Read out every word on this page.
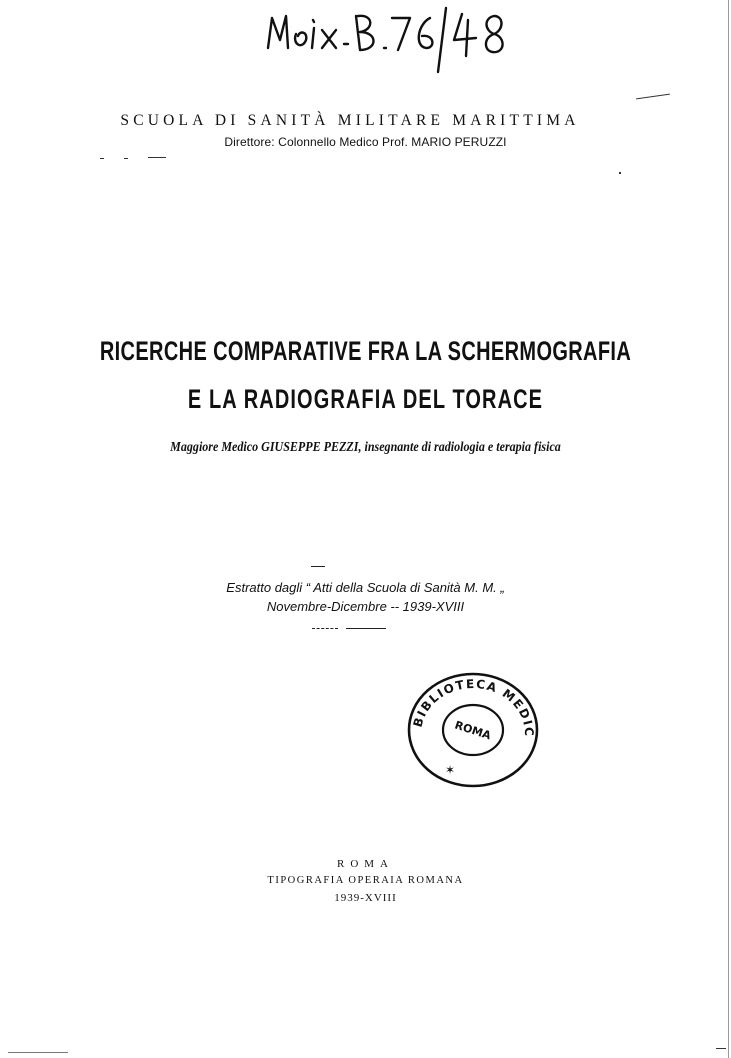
SCUOLA DI SANITÀ MILITARE MARITTIMA
Direttore: Colonnello Medico Prof. MARIO PERUZZI
RICERCHE COMPARATIVE FRA LA SCHERMOGRAFIA
E LA RADIOGRAFIA DEL TORACE
Maggiore Medico GIUSEPPE PEZZI, insegnante di radiologia e terapia fisica
Estratto dagli “ Atti della Scuola di Sanità M. M. „
Novembre-Dicembre -- 1939-XVIII
BIBLIOTECA MEDIC
ROMA
✶
ROMA
TIPOGRAFIA OPERAIA ROMANA
1939-XVIII
